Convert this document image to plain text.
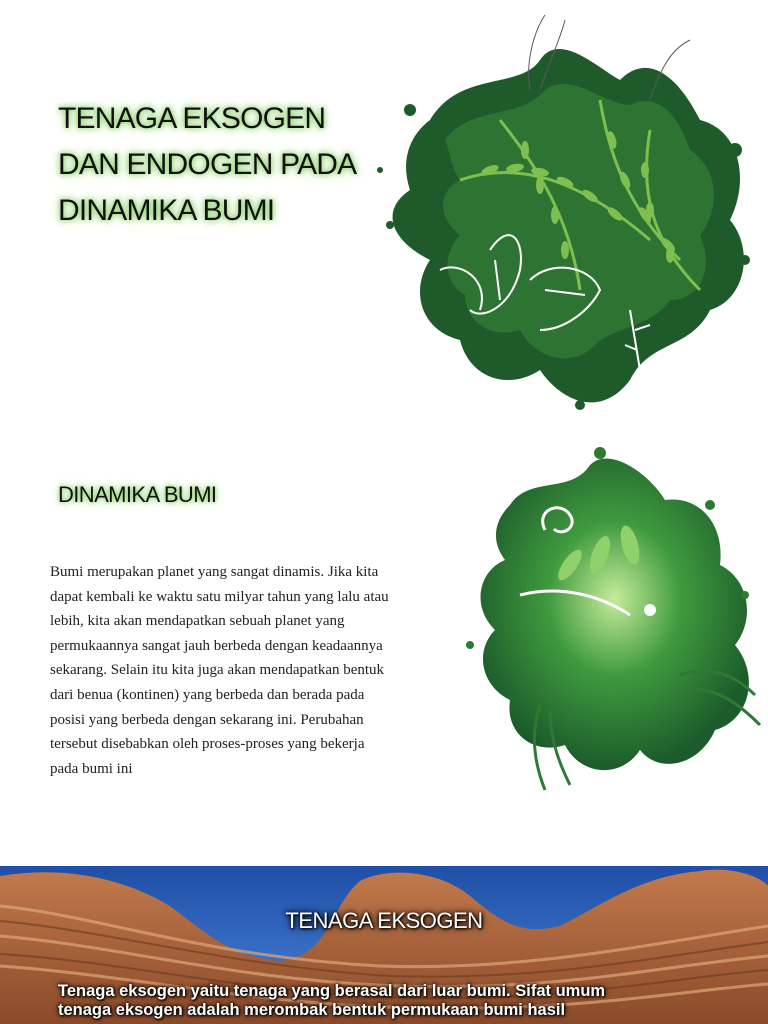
TENAGA EKSOGEN
DAN ENDOGEN PADA
DINAMIKA BUMI
DINAMIKA BUMI

Bumi merupakan planet yang sangat dinamis. Jika kita
dapat kembali ke waktu satu milyar tahun yang lalu atau
lebih, kita akan mendapatkan sebuah planet yang
permukaannya sangat jauh berbeda dengan keadaannya
sekarang. Selain itu kita juga akan mendapatkan bentuk
dari benua (kontinen) yang berbeda dan berada pada
posisi yang berbeda dengan sekarang ini. Perubahan
tersebut disebabkan oleh proses-proses yang bekerja
pada bumi ini

TENAGA EKSOGEN

Tenaga eksogen yaitu tenaga yang berasal dari luar bumi. Sifat umum
tenaga eksogen adalah merombak bentuk permukaan bumi hasil
